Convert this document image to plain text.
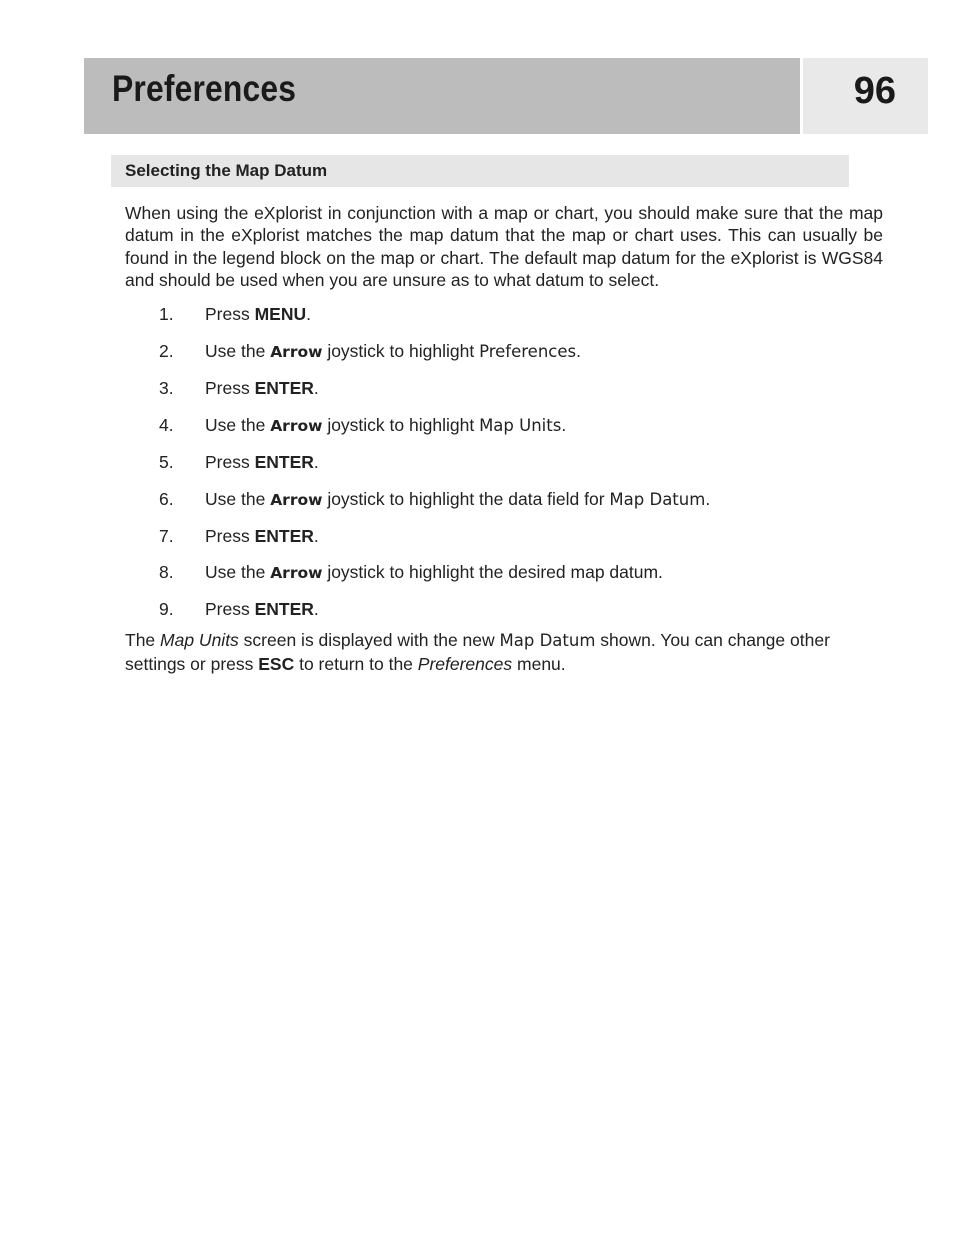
Preferences	96
Selecting the Map Datum

When using the eXplorist in conjunction with a map or chart, you should make sure that the map datum in the eXplorist matches the map datum that the map or chart uses. This can usually be found in the legend block on the map or chart. The default map datum for the eXplorist is WGS84 and should be used when you are unsure as to what datum to select.

1.	Press MENU.
2.	Use the Arrow joystick to highlight Preferences.
3.	Press ENTER.
4.	Use the Arrow joystick to highlight Map Units.
5.	Press ENTER.
6.	Use the Arrow joystick to highlight the data field for Map Datum.
7.	Press ENTER.
8.	Use the Arrow joystick to highlight the desired map datum.
9.	Press ENTER.

The Map Units screen is displayed with the new Map Datum shown. You can change other settings or press ESC to return to the Preferences menu.
